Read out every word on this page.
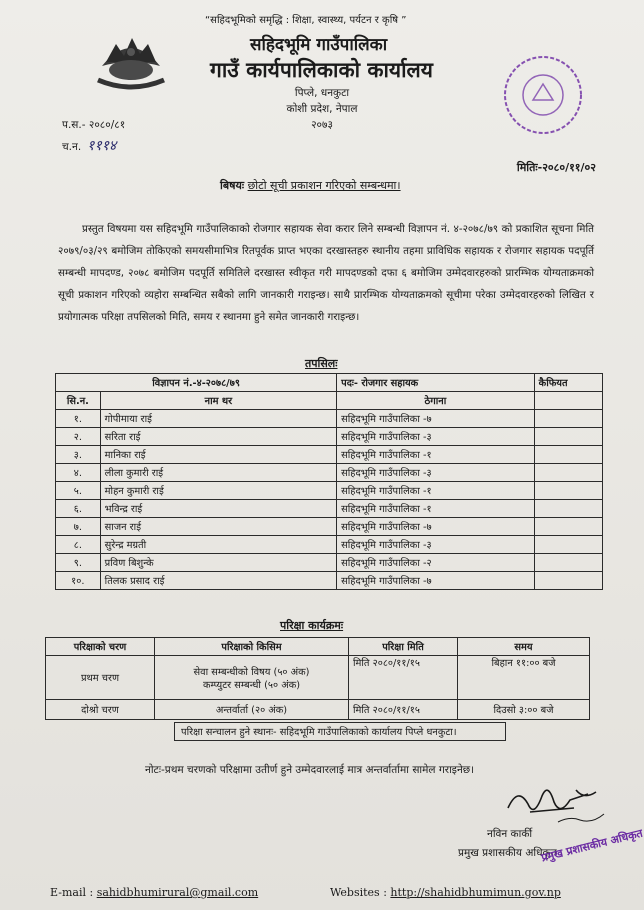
“सहिदभूमिको समृद्धि : शिक्षा, स्वास्थ्य, पर्यटन र कृषि ”
सहिदभूमि गाउँपालिका
गाउँ कार्यपालिकाको कार्यालय
पिप्ले, धनकुटा
कोशी प्रदेश, नेपाल
२०७३
प.स.- २०८०/८१
च.न. १११४
मितिः-२०८०/११/०२
बिषयः छोटो सूची प्रकाशन गरिएको सम्बन्धमा।
प्रस्तुत विषयमा यस सहिदभूमि गाउँपालिकाको रोजगार सहायक सेवा करार लिने सम्बन्धी विज्ञापन नं. ४-२०७८/७९ को प्रकाशित सूचना मिति २०७९/०३/२९ बमोजिम तोकिएको समयसीमाभित्र रितपूर्वक प्राप्त भएका दरखास्तहरु स्थानीय तहमा प्राविधिक सहायक र रोजगार सहायक पदपूर्ति सम्बन्धी मापदण्ड, २०७८ बमोजिम पदपूर्ति समितिले दरखास्त स्वीकृत गरी मापदण्डको दफा ६ बमोजिम उम्मेदवारहरुको प्रारम्भिक योग्यताक्रमको सूची प्रकाशन गरिएको व्यहोरा सम्बन्धित सबैको लागि जानकारी गराइन्छ। साथै प्रारम्भिक योग्यताक्रमको सूचीमा परेका उम्मेदवारहरुको लिखित र प्रयोगात्मक परिक्षा तपसिलको मिति, समय र स्थानमा हुने समेत जानकारी गराइन्छ।
तपसिलः
विज्ञापन नं.-४-२०७८/७९		पदः- रोजगार सहायक	कैफियत
सि.न.	नाम थर	ठेगाना	
१.	गोपीमाया राई	सहिदभूमि गाउँपालिका -७	
२.	सरिता राई	सहिदभूमि गाउँपालिका -३	
३.	मानिका राई	सहिदभूमि गाउँपालिका -१	
४.	लीला कुमारी राई	सहिदभूमि गाउँपालिका -३	
५.	मोहन कुमारी राई	सहिदभूमि गाउँपालिका -१	
६.	भविन्द्र राई	सहिदभूमि गाउँपालिका -१	
७.	साजन राई	सहिदभूमि गाउँपालिका -७	
८.	सुरेन्द्र मग्रती	सहिदभूमि गाउँपालिका -३	
९.	प्रविण बिशुन्के	सहिदभूमि गाउँपालिका -२	
१०.	तिलक प्रसाद राई	सहिदभूमि गाउँपालिका -७	
परिक्षा कार्यक्रमः
परिक्षाको चरण	परिक्षाको किसिम	परिक्षा मिति	समय
प्रथम चरण	सेवा सम्बन्धीको विषय (५० अंक)
कम्प्युटर सम्बन्धी (५० अंक)	मिति २०८०/११/१५	बिहान ११:०० बजे
दोश्रो चरण	अन्तर्वार्ता (२० अंक)	मिति २०८०/११/१५	दिउसो ३:०० बजे
परिक्षा सन्चालन हुने स्थानः- सहिदभूमि गाउँपालिकाको कार्यालय पिप्ले धनकुटा।
नोटः-प्रथम चरणको परिक्षामा उतीर्ण हुने उम्मेदवारलाई मात्र अन्तर्वार्तामा सामेल गराइनेछ।
नविन कार्की
प्रमुख प्रशासकीय अधिकृत
प्रमुख प्रशासकीय अधिकृत
E-mail : sahidbhumirural@gmail.com	Websites : http://shahidbhumimun.gov.np
